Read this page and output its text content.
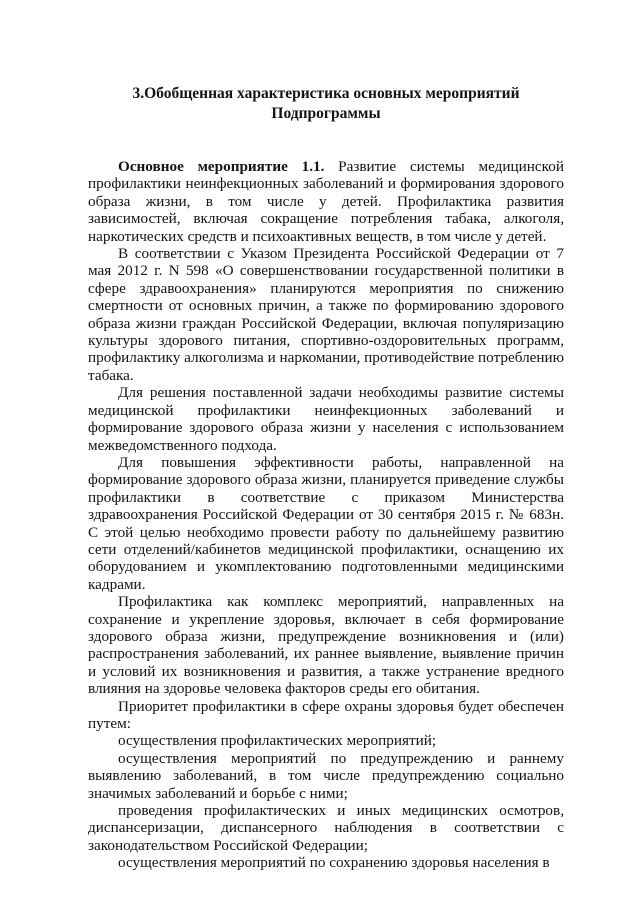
3.Обобщенная характеристика основных мероприятий
Подпрограммы

Основное мероприятие 1.1. Развитие системы медицинской профилактики неинфекционных заболеваний и формирования здорового образа жизни, в том числе у детей. Профилактика развития зависимостей, включая сокращение потребления табака, алкоголя, наркотических средств и психоактивных веществ, в том числе у детей.

В соответствии с Указом Президента Российской Федерации от 7 мая 2012 г. N 598 «О совершенствовании государственной политики в сфере здравоохранения» планируются мероприятия по снижению смертности от основных причин, а также по формированию здорового образа жизни граждан Российской Федерации, включая популяризацию культуры здорового питания, спортивно-оздоровительных программ, профилактику алкоголизма и наркомании, противодействие потреблению табака.

Для решения поставленной задачи необходимы развитие системы медицинской профилактики неинфекционных заболеваний и формирование здорового образа жизни у населения с использованием межведомственного подхода.

Для повышения эффективности работы, направленной на формирование здорового образа жизни, планируется приведение службы профилактики в соответствие с приказом Министерства здравоохранения Российской Федерации от 30 сентября 2015 г. № 683н. С этой целью необходимо провести работу по дальнейшему развитию сети отделений/кабинетов медицинской профилактики, оснащению их оборудованием и укомплектованию подготовленными медицинскими кадрами.

Профилактика как комплекс мероприятий, направленных на сохранение и укрепление здоровья, включает в себя формирование здорового образа жизни, предупреждение возникновения и (или) распространения заболеваний, их раннее выявление, выявление причин и условий их возникновения и развития, а также устранение вредного влияния на здоровье человека факторов среды его обитания.

Приоритет профилактики в сфере охраны здоровья будет обеспечен путем:

осуществления профилактических мероприятий;

осуществления мероприятий по предупреждению и раннему выявлению заболеваний, в том числе предупреждению социально значимых заболеваний и борьбе с ними;

проведения профилактических и иных медицинских осмотров, диспансеризации, диспансерного наблюдения в соответствии с законодательством Российской Федерации;

осуществления мероприятий по сохранению здоровья населения в
